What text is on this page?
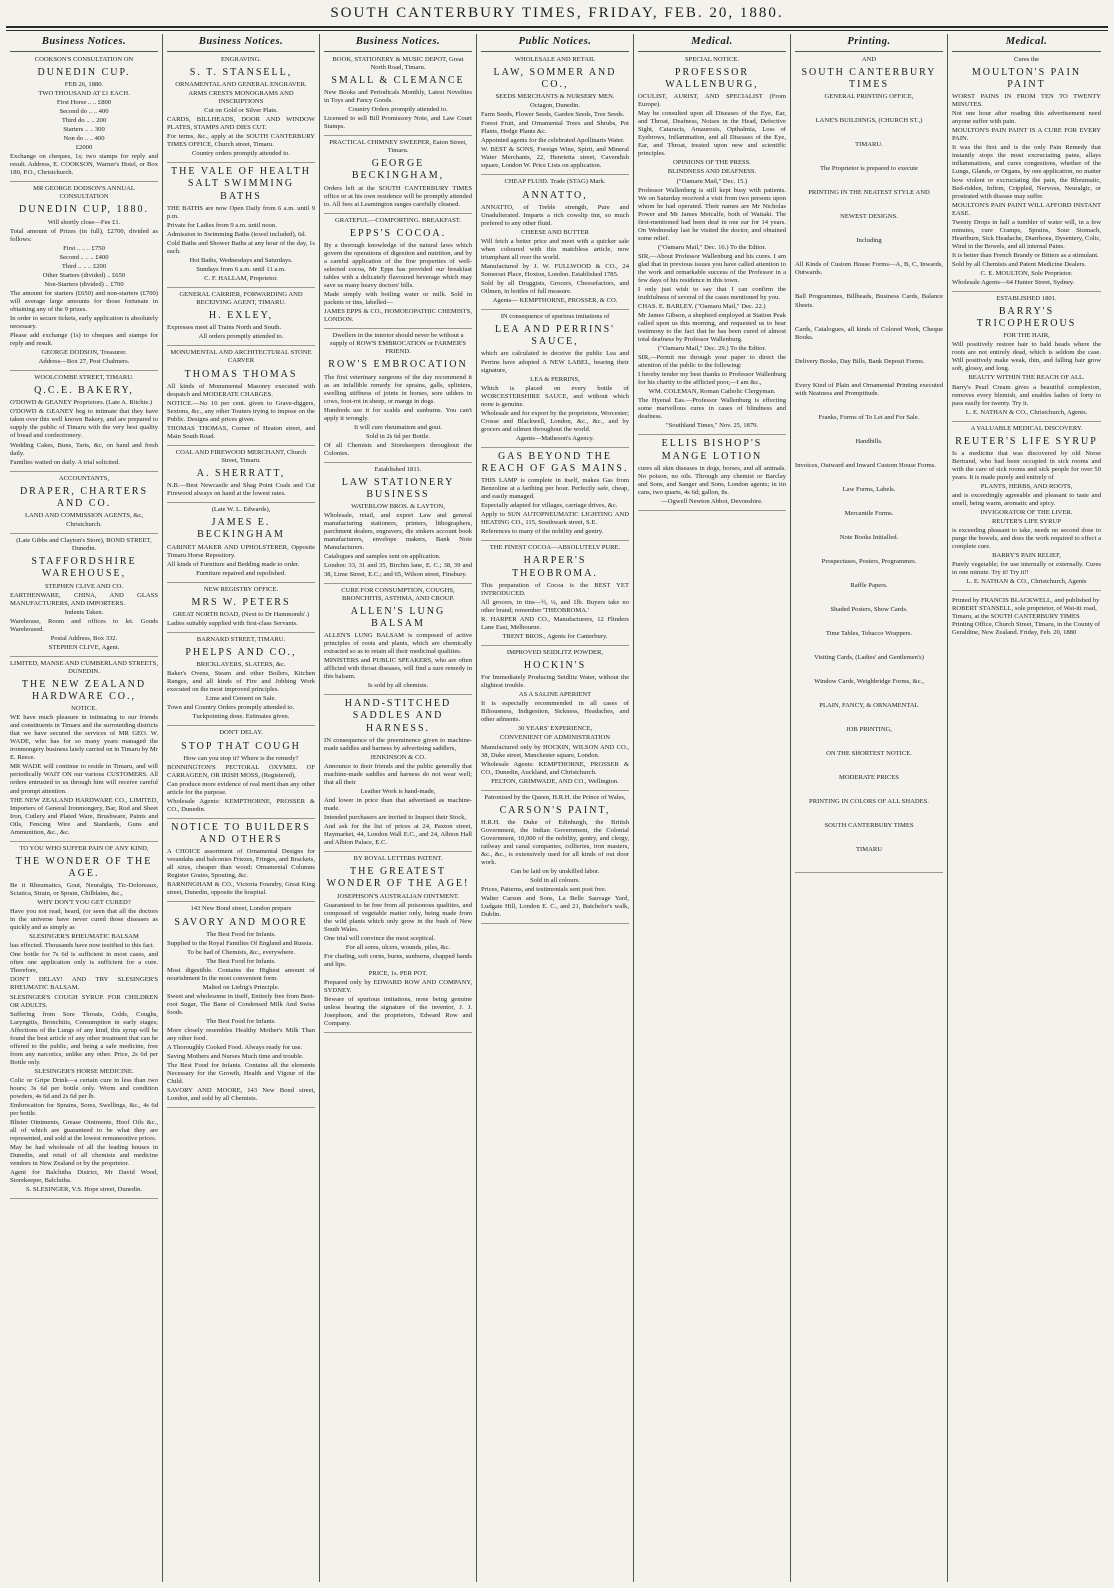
SOUTH CANTERBURY TIMES, FRIDAY, FEB. 20, 1880.
Business Notices.
COOKSON'S CONSULTATION ON
DUNEDIN CUP.

FEB 26, 1880.

TWO THOUSAND AT £1 EACH.

First Horse .. .. £800

Second do .. .. 400

Third do .. .. 200

Starters .. .. 300

Non do .. .. 400

£2000

Exchange on cheques, 1s; two stamps for reply and result. Address, E. COOKSON, Warner's Hotel, or Box 180, P.O., Christchurch.

MR GEORGE DODSON'S ANNUAL CONSULTATION
DUNEDIN CUP, 1880.

Will shortly close—Fee £1.

Total amount of Prizes (in full), £2700, divided as follows:

First .. .. .. £750

Second .. .. .. £400

Third .. .. .. £200

Other Starters (divided) .. £650

Non-Starters (divided) .. £700

The amount for starters (£650) and non-starters (£700) will average large amounts for those fortunate in obtaining any of the 9 prizes.

In order to secure tickets, early application is absolutely necessary.

Please add exchange (1s) to cheques and stamps for reply and result.

GEORGE DODSON, Treasurer.

Address—Box 27, Post Chalmers.

WOOLCOMBE STREET, TIMARU.
Q.C.E. BAKERY,

O'DOWD & GEANEY Proprietors. (Late A. Ritchie.)

O'DOWD & GEANEY beg to intimate that they have taken over this well known Bakery, and are prepared to supply the public of Timaru with the very best quality of bread and confectionery.

Wedding Cakes, Buns, Tarts, &c, on hand and fresh daily.

Families waited on daily. A trial solicited.

ACCOUNTANTS,
DRAPER, CHARTERS AND CO.

LAND AND COMMISSION AGENTS, &c,

Christchurch.

(Late Gibbs and Clayton's Store), BOND STREET, Dunedin.
STAFFORDSHIRE WAREHOUSE,

STEPHEN CLIVE AND CO.

EARTHENWARE, CHINA, AND GLASS MANUFACTURERS, AND IMPORTERS.

Indents Taken.

Warehouse, Room and offices to let. Goods Warehoused.

Postal Address, Box 332.

STEPHEN CLIVE, Agent.

LIMITED, MANSE AND CUMBERLAND STREETS, DUNEDIN.
THE NEW ZEALAND HARDWARE CO.,

NOTICE.

WE have much pleasure in intimating to our friends and constituents in Timaru and the surrounding districts that we have secured the services of MR GEO. W. WADE, who has for so many years managed the ironmongery business lately carried on in Timaru by Mr E. Reece.

MR WADE will continue to reside in Timaru, and will periodically WAIT ON our various CUSTOMERS. All orders entrusted to us through him will receive careful and prompt attention.

THE NEW ZEALAND HARDWARE CO., LIMITED, Importers of General Ironmongery, Bar, Rod and Sheet Iron, Cutlery and Plated Ware, Brushware, Paints and Oils, Fencing Wire and Standards, Guns and Ammunition, &c., &c.

TO YOU WHO SUFFER PAIN OF ANY KIND,
THE WONDER OF THE AGE.

Be it Rheumatics, Gout, Neuralgia, Tic-Doloreaux, Sciatica, Strain, or Sprain, Chilblains, &c.,

WHY DON'T YOU GET CURED?

Have you not read, heard, (or seen that all the doctors in the universe have never cured those diseases as quickly and as simply as

SLESINGER'S RHEUMATIC BALSAM

has effected. Thousands have now testified to this fact.

One bottle for 7s 6d is sufficient in most cases, and often one application only is sufficient for a cure. Therefore,

DON'T DELAY! AND TRY SLESINGER'S RHEUMATIC BALSAM.

SLESINGER'S COUGH SYRUP. FOR CHILDREN OR ADULTS.

Suffering from Sore Throats, Colds, Coughs, Laryngitis, Bronchitis, Consumption in early stages; Affections of the Lungs of any kind, this syrup will be found the best article of any other treatment that can be offered to the public, and being a safe medicine, free from any narcotics, unlike any other. Price, 2s 6d per Bottle only.

SLESINGER'S HORSE MEDICINE.

Colic or Gripe Drink—a certain cure in less than two hours; 3s 6d per bottle only. Worm and condition powders, 4s 6d and 2s 6d per lb.

Embrocation for Sprains, Sores, Swellings, &c., 4s 6d per bottle.

Blister Ointments, Grease Ointments, Hoof Oils &c., all of which are guaranteed to be what they are represented, and sold at the lowest remunerative prices.

May be had wholesale of all the leading houses in Dunedin, and retail of all chemists and medicine vendors in New Zealand or by the proprietor.

Agent for Balclutha District, Mr David Wood, Storekeeper, Balclutha.

S. SLESINGER, V.S. Hope street, Dunedin.

Business Notices.
ENGRAVING.
S. T. STANSELL,

ORNAMENTAL AND GENERAL ENGRAVER.

ARMS CRESTS MONOGRAMS AND INSCRIPTIONS

Cut on Gold or Silver Plate.

CARDS, BILLHEADS, DOOR AND WINDOW PLATES, STAMPS AND DIES CUT.

For terms, &c., apply at the SOUTH CANTERBURY TIMES OFFICE, Church street, Timaru.

Country orders promptly attended to.

THE VALE OF HEALTH SALT SWIMMING BATHS

THE BATHS are now Open Daily from 6 a.m. until 9 p.m.

Private for Ladies from 9 a.m. until noon.

Admission to Swimming Baths (towel included), 6d.

Cold Baths and Shower Baths at any hour of the day, 1s each.

Hot Baths, Wednesdays and Saturdays.

Sundays from 6 a.m. until 11 a.m.

C. F. HALLAM, Proprietor.

GENERAL CARRIER, FORWARDING AND RECEIVING AGENT, TIMARU.
H. EXLEY,

Expresses meet all Trains North and South.

All orders promptly attended to.

MONUMENTAL AND ARCHITECTURAL STONE CARVER
THOMAS THOMAS

All kinds of Monumental Masonry executed with despatch and MODERATE CHARGES.

NOTICE.—No 10 per cent. given to Grave-diggers, Sextons, &c., any other Touters trying to impose on the Public. Designs and prices given.

THOMAS THOMAS, Corner of Heaton street, and Main South Road.

COAL AND FIREWOOD MERCHANT, Church Street, Timaru.
A. SHERRATT,

N.B.—Best Newcastle and Shag Point Coals and Cut Firewood always on hand at the lowest rates.

(Late W. L. Edwards),
JAMES E. BECKINGHAM

CABINET MAKER AND UPHOLSTERER, Opposite Timaru Horse Repository.

All kinds of Furniture and Bedding made to order.

Furniture repaired and repolished.

NEW REGISTRY OFFICE.
MRS W. PETERS

GREAT NORTH ROAD, (Next to Dr Hammonds'.)

Ladies suitably supplied with first-class Servants.

BARNARD STREET, TIMARU.
PHELPS AND CO.,

BRICKLAYERS, SLATERS, &c.

Baker's Ovens, Steam and other Boilers, Kitchen Ranges, and all kinds of Fire and Jobbing Work executed on the most improved principles.

Lime and Cement on Sale.

Town and Country Orders promptly attended to.

Tuckpointing done. Estimates given.

DON'T DELAY.
STOP THAT COUGH

How can you stop it? Where is the remedy?

BONNINGTON'S PECTORAL OXYMEL OF CARRAGEEN, OR IRISH MOSS, (Registered),

Can produce more evidence of real merit than any other article for the purpose.

Wholesale Agents: KEMPTHORNE, PROSSER & CO., Dunedin.

NOTICE TO BUILDERS AND OTHERS

A CHOICE assortment of Ornamental Designs for verandahs and balconies Friezes, Fringes, and Brackets, all sizes, cheaper than wood; Ornamental Columns Register Grates, Spouting, &c.

BARNINGHAM & CO., Victoria Foundry, Great King street, Dunedin, opposite the hospital.

143 New Bond street, London prepare
SAVORY AND MOORE

The Best Food for Infants.

Supplied to the Royal Families Of England and Russia.

To be had of Chemists, &c., everywhere.

The Best Food for Infants.

Most digestible. Contains the Highest amount of nourishment In the most convenient form.

Malted on Liebig's Principle.

Sweet and wholesome in itself, Entirely free from Beet-root Sugar, The Bane of Condensed Milk And Swiss foods.

The Best Food for Infants.

More closely resembles Healthy Mother's Milk Than any other food.

A Thoroughly Cooked Food. Always ready for use.

Saving Mothers and Nurses Much time and trouble.

The Best Food for Infants. Contains all the elements Necessary for the Growth, Health and Vigour of the Child.

SAVORY AND MOORE, 143 New Bond street, London, and sold by all Chemists.

Business Notices.
BOOK, STATIONERY & MUSIC DEPOT, Great North Road, Timaru.
SMALL & CLEMANCE

New Books and Periodicals Monthly, Latest Novelties in Toys and Fancy Goods.

Country Orders promptly attended to.

Licensed to sell Bill Promissory Note, and Law Court Stamps.

PRACTICAL CHIMNEY SWEEPER, Eaton Street, Timaru.
GEORGE BECKINGHAM,

Orders left at the SOUTH CANTERBURY TIMES office or at his own residence will be promptly attended to. All fees at Leamington ranges carefully cleaned.

GRATEFUL—COMFORTING. BREAKFAST.
EPPS'S COCOA.

By a thorough knowledge of the natural laws which govern the operations of digestion and nutrition, and by a careful application of the fine properties of well-selected cocoa, Mr Epps has provided our breakfast tables with a delicately flavoured beverage which may save us many heavy doctors' bills.

Made simply with boiling water or milk. Sold in packets or tins, labelled—

JAMES EPPS & CO., HOMOEOPATHIC CHEMISTS, LONDON.

Dwellers in the interior should never be without a supply of ROW'S EMBROCATION or FARMER'S FRIEND.
ROW'S EMBROCATION

The first veterinary surgeons of the day recommend it as an infallible remedy for sprains, galls, splinters, swelling stiffness of joints in horses, sore udders in cows, foot-rot in sheep, or mange in dogs.

Hundreds use it for scalds and sunburns. You can't apply it wrongly.

It will cure rheumatism and gout.

Sold in 2s 6d per Bottle.

Of all Chemists and Storekeepers throughout the Colonies.

Established 1811.
LAW STATIONERY BUSINESS

WATERLOW BROS. & LAYTON,

Wholesale, retail, and export Law and general manufacturing stationers, printers, lithographers, parchment dealers, engravers, die sinkers account book manufacturers, envelope makers, Bank Note Manufacturers.

Catalogues and samples sent on application.

London: 33, 31 and 35, Birchin lane, E. C.; 38, 39 and 38, Lime Street, E.C.; and 65, Wilson street, Finsbury.

CURE FOR CONSUMPTION, COUGHS, BRONCHITIS, ASTHMA, AND CROUP.
ALLEN'S LUNG BALSAM

ALLEN'S LUNG BALSAM is composed of active principles of roots and plants, which are chemically extracted so as to retain all their medicinal qualities.

MINISTERS and PUBLIC SPEAKERS, who are often afflicted with throat diseases, will find a sure remedy in this balsam.

Is sold by all chemists.

HAND-STITCHED SADDLES AND HARNESS.

IN consequence of the preeminence given to machine-made saddles and harness by advertising saddlers,

JENKINSON & CO.

Announce to their friends and the public generally that machine-made saddles and harness do not wear well; that all their

Leather Work is hand-made,

And lower in price than that advertised as machine-made.

Intended purchasers are invited to Inspect their Stock,

And ask for the list of prices at 24, Paxton street, Haymarket, 44, London Wall E.C., and 24, Albion Hall and Albion Palace, E.C.

BY ROYAL LETTERS PATENT.
THE GREATEST WONDER OF THE AGE!

JOSEPHSON'S AUSTRALIAN OINTMENT.

Guaranteed to be free from all poisonous qualities, and composed of vegetable matter only, being made from the wild plants which only grow in the bush of New South Wales.

One trial will convince the most sceptical.

For all sores, ulcers, wounds, piles, &c.

For chafing, soft corns, burns, sunburns, chapped hands and lips.

PRICE, 1s. PER POT.

Prepared only by EDWARD ROW AND COMPANY, SYDNEY.

Beware of spurious imitations, none being genuine unless bearing the signature of the inventor, J. J. Josephson, and the proprietors, Edward Row and Company.

Public Notices.
WHOLESALE AND RETAIL
LAW, SOMMER AND CO.,

SEEDS MERCHANTS & NURSERY MEN.

Octagon, Dunedin.

Farm Seeds, Flower Seeds, Garden Seeds, Tree Seeds.

Forest Fruit, and Ornamental Trees and Shrubs, Pot Plants, Hedge Plants &c.

Appointed agents for the celebrated Apollinaris Water.

W. BEST & SONS, Foreign Wine, Spirit, and Mineral Water Merchants, 22, Henrietta street, Cavendish square, London W. Price Lists on application.

CHEAP FLUID. Trade (STAG) Mark.
ANNATTO,

ANNATTO, of Treble strength, Pure and Unadulterated. Imparts a rich cowslip tint, so much prefered to any other fluid.

CHEESE AND BUTTER

Will fetch a better price and meet with a quicker sale when coloured with this matchless article, now triumphant all over the world.

Manufactured by J. W. FULLWOOD & CO., 24 Somerset Place, Hoxton, London. Established 1785.

Sold by all Druggists, Grocers, Cheesefactors, and Oilmen, in bottles of full measure.

Agents— KEMPTHORNE, PROSSER, & CO.

IN consequence of spurious imitations of
LEA AND PERRINS' SAUCE,

which are calculated to deceive the public Lea and Perrins have adopted A NEW LABEL, bearing their signature,

LEA & PERRINS,

Which is placed on every bottle of WORCESTERSHIRE SAUCE, and without which none is genuine.

Wholesale and for export by the proprietors, Worcester; Crosse and Blackwell, London, &c., &c., and by grocers and oilmen throughout the world.

Agents—Matheson's Agency.

GAS BEYOND THE REACH OF GAS MAINS.

THIS LAMP is complete in itself, makes Gas from Benzoline at a farthing per hour. Perfectly safe, cheap, and easily managed.

Especially adapted for villages, carriage drives, &c.

Apply to SUN AUTOPNEUMATIC LIGHTING AND HEATING CO., 115, Southwark street, S.E.

References to many of the nobility and gentry.

THE FINEST COCOA—ABSOLUTELY PURE.
HARPER'S THEOBROMA.

This preparation of Cocoa is the BEST YET INTRODUCED.

All grocers, in tins—½, ¼, and 1lb. Buyers take no other brand; remember 'THEOBROMA.'

R. HARPER AND CO., Manufacturers, 12 Flinders Lane East, Melbourne.

TRENT BROS., Agents for Canterbury.

IMPROVED SEIDLITZ POWDER,
HOCKIN'S

For Immediately Producing Seidlitz Water, without the slightest trouble.

AS A SALINE APERIENT

It is especially recommended in all cases of Biliousness, Indigestion, Sickness, Headaches, and other ailments.

30 YEARS' EXPERIENCE,

CONVENIENT OF ADMINISTRATION

Manufactured only by HOCKIN, WILSON AND CO., 38, Duke street, Manchester square, London.

Wholesale Agents: KEMPTHORNE, PROSSER & CO., Dunedin, Auckland, and Christchurch.

FELTON, GRIMWADE, AND CO., Wellington.

Patronised by the Queen, H.R.H. the Prince of Wales,
CARSON'S PAINT,

H.R.H. the Duke of Edinburgh, the British Government, the Indian Government, the Colonial Government, 10,000 of the nobility, gentry, and clergy, railway and canal companies, collieries, iron masters, &c., &c., is extensively used for all kinds of out door work.

Can be laid on by unskilled labor.

Sold in all colours.

Prices, Patterns, and testimonials sent post free.

Walter Carson and Sons, La Belle Sauvage Yard, Ludgate Hill, London E. C., and 21, Batchelor's walk, Dublin.

Medical.
SPECIAL NOTICE.
PROFESSOR WALLENBURG,

OCULIST, AURIST, AND SPECIALIST (From Europe).

May be consulted upon all Diseases of the Eye, Ear, and Throat, Deafness, Noises in the Head, Defective Sight, Cataracts, Amaurosis, Opthalmia, Loss of Eyebrows, Inflammation, and all Diseases of the Eye, Ear, and Throat, treated upon new and scientific principles.

OPINIONS OF THE PRESS.

BLINDNESS AND DEAFNESS.

("Oamaru Mail," Dec. 15.)

Professor Wallenberg is still kept busy with patients. We on Saturday received a visit from two persons upon whom he had operated. Their names are Mr Nicholas Power and Mr James Metcalfe, both of Waitaki. The first-mentioned had been deaf in one ear for 14 years. On Wednesday last he visited the doctor, and obtained some relief.

("Oamaru Mail," Dec. 16.) To the Editor.

SIR,—About Professor Wallenburg and his cures. I am glad that in previous issues you have called attention to the work and remarkable success of the Professor in a few days of his residence in this town.

I only just wish to say that I can confirm the truthfulness of several of the cases mentioned by you.

CHAS. E. BARLEY. ("Oamaru Mail," Dec. 22.)

Mr James Gibson, a shepherd employed at Station Peak called upon us this morning, and requested us to bear testimony to the fact that he has been cured of almost total deafness by Professor Wallenburg.

("Oamaru Mail," Dec. 29.) To the Editor.

SIR,—Permit me through your paper to direct the attention of the public to the following:

I hereby tender my best thanks to Professor Wallenburg for his charity to the afflicted poor,—I am &c.,

WM. COLEMAN, Roman Catholic Clergyman.

The Hyenal Eas.—Professor Wallenburg is effecting some marvellous cures in cases of blindness and deafness.

"Southland Times," Nov. 25, 1879.

ELLIS BISHOP'S MANGE LOTION

cures all skin diseases in dogs, horses, and all animals. No poison, no oils. Through any chemist or Barclay and Sons, and Sanger and Sons, London agents; in tin cans, two quarts, 4s 6d; gallon, 8s.

—Ogwell Newton Abbot, Devonshire.

Printing.
AND
SOUTH CANTERBURY TIMES

GENERAL PRINTING OFFICE,

LANE'S BUILDINGS, (CHURCH ST.,)

TIMARU.

The Proprietor is prepared to execute

PRINTING IN THE NEATEST STYLE AND

NEWEST DESIGNS.

Including

All Kinds of Custom House Forms—A, B, C, Inwards, Outwards.

Ball Programmes, Billheads, Business Cards, Balance Sheets.

Cards, Catalogues, all kinds of Colored Work, Cheque Books.

Delivery Books, Day Bills, Bank Deposit Forms.

Every Kind of Plain and Ornamental Printing executed with Neatness and Promptitude.

Franks, Forms of To Let and For Sale.

Handbills.

Invoices, Outward and Inward Custom House Forms.

Law Forms, Labels.

Mercantile Forms.

Note Books Initialled.

Prospectuses, Posters, Programmes.

Raffle Papers.

Shaded Posters, Show Cards.

Time Tables, Tobacco Wrappers.

Visiting Cards, (Ladies' and Gentlemen's)

Window Cards, Weighbridge Forms, &c.,

PLAIN, FANCY, & ORNAMENTAL

JOB PRINTING,

ON THE SHORTEST NOTICE.

MODERATE PRICES

PRINTING IN COLORS OF ALL SHADES.

SOUTH CANTERBURY TIMES

TIMARU

Medical.
Cures the
MOULTON'S PAIN PAINT

WORST PAINS IN FROM TEN TO TWENTY MINUTES.

Not one hour after reading this advertisement need anyone suffer with pain.

MOULTON'S PAIN PAINT IS A CURE FOR EVERY PAIN.

It was the first and is the only Pain Remedy that instantly stops the most excruciating pains, allays inflammations, and cures congestions, whether of the Lungs, Glands, or Organs, by one application, no matter how violent or excruciating the pain, the Rheumatic, Bed-ridden, Infirm, Crippled, Nervous, Neuralgic, or prostrated with disease may suffer.

MOULTON'S PAIN PAINT WILL AFFORD INSTANT EASE.

Twenty Drops in half a tumbler of water will, in a few minutes, cure Cramps, Sprains, Sour Stomach, Heartburn, Sick Headache, Diarrhoea, Dysentery, Colic, Wind in the Bowels, and all internal Pains.

It is better than French Brandy or Bitters as a stimulant.

Sold by all Chemists and Patent Medicine Dealers.

C. E. MOULTON, Sole Proprietor.

Wholesale Agents—64 Hunter Street, Sydney.

ESTABLISHED 1801.
BARRY'S TRICOPHEROUS

FOR THE HAIR,

Will positively restore hair to bald heads where the roots are not entirely dead, which is seldom the case. Will positively make weak, thin, and falling hair grow soft, glossy, and long.

BEAUTY WITHIN THE REACH OF ALL.

Barry's Pearl Cream gives a beautiful complexion, removes every blemish, and enables ladies of forty to pass easily for twenty. Try it.

L. E. NATHAN & CO., Christchurch, Agents.

A VALUABLE MEDICAL DISCOVERY.
REUTER'S LIFE SYRUP

Is a medicine that was discovered by old Norse Bertrand, who had been occupied in sick rooms and with the care of sick rooms and sick people for over 50 years. It is made purely and entirely of

PLANTS, HERBS, AND ROOTS,

and is exceedingly agreeable and pleasant to taste and smell, being warm, aromatic and spicy.

INVIGORATOR OF THE LIVER.

REUTER'S LIFE SYRUP

is exceeding pleasant to take, needs no second dose to purge the bowels, and does the work required to effect a complete cure.

BARRY'S PAIN RELIEF,

Purely vegetable; for use internally or externally. Cures in one minute. Try it! Try it!!

L. E. NATHAN & CO., Christchurch, Agents

Printed by FRANCIS BLACKWELL, and published by ROBERT STANSELL, sole proprietor, of Wai-iti road, Timaru, at the SOUTH CANTERBURY TIMES Printing Office, Church Street, Timaru, in the County of Geraldine, New Zealand. Friday, Feb. 20, 1880
